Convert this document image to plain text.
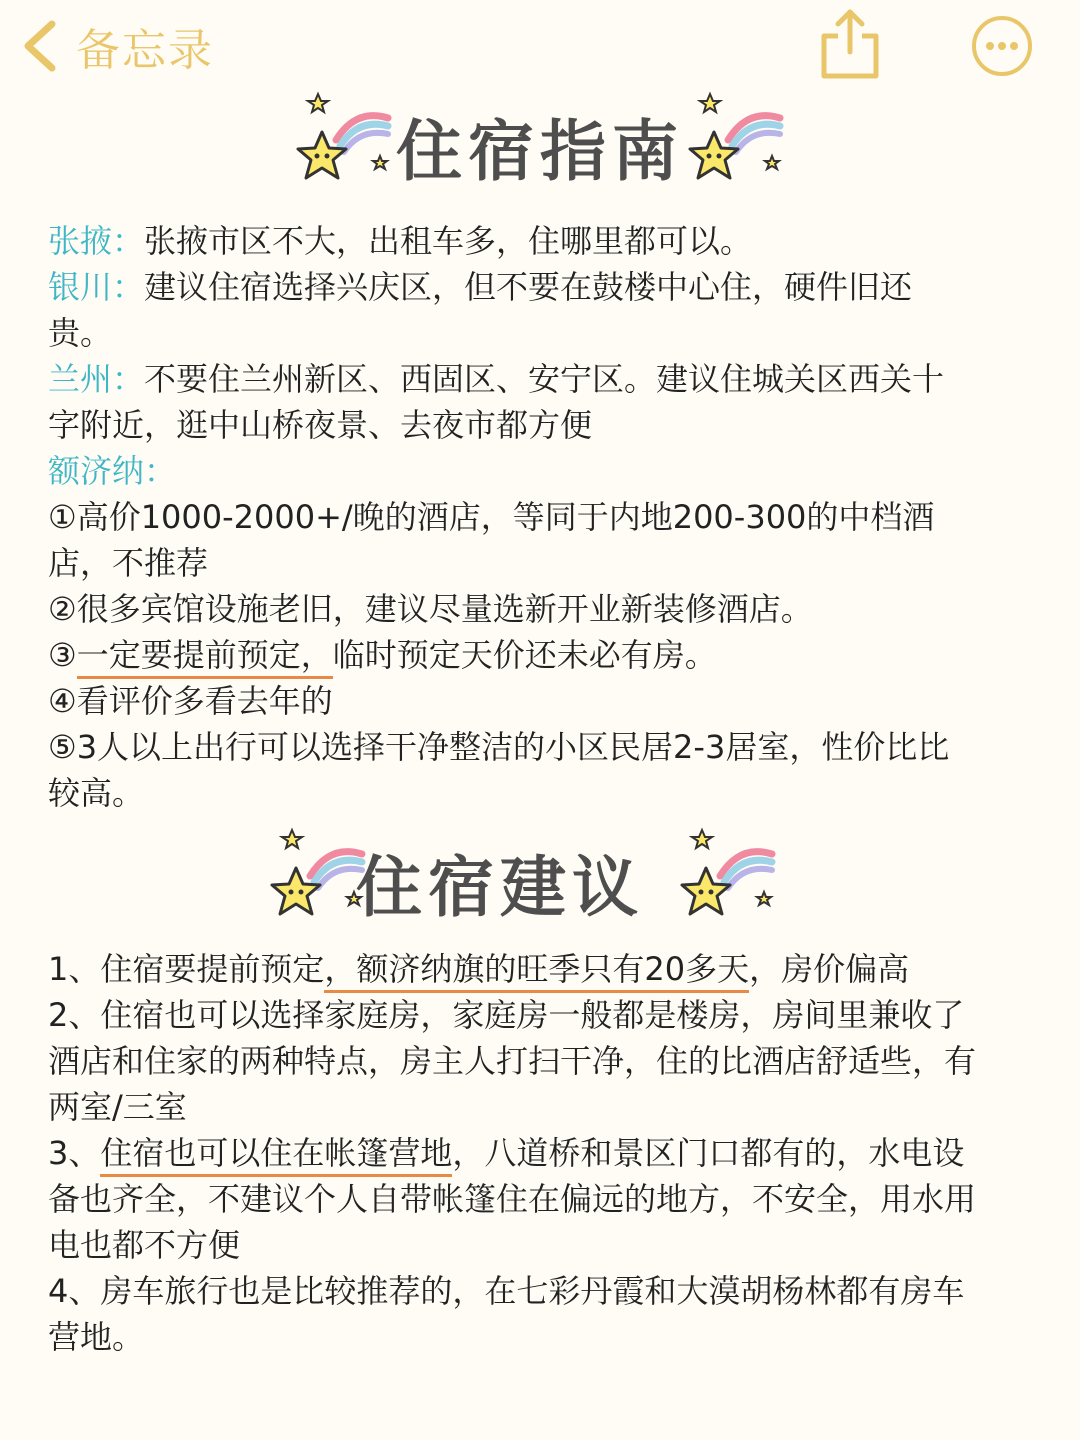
备忘录
住宿指南
张掖：张掖市区不大，出租车多，住哪里都可以。
银川：建议住宿选择兴庆区，但不要在鼓楼中心住，硬件旧还
贵。
兰州：不要住兰州新区、西固区、安宁区。建议住城关区西关十
字附近，逛中山桥夜景、去夜市都方便
额济纳：
①高价1000-2000+/晚的酒店，等同于内地200-300的中档酒
店，不推荐
②很多宾馆设施老旧，建议尽量选新开业新装修酒店。
③一定要提前预定，临时预定天价还未必有房。
④看评价多看去年的
⑤3人以上出行可以选择干净整洁的小区民居2-3居室，性价比比
较高。
住宿建议
1、住宿要提前预定，额济纳旗的旺季只有20多天，房价偏高
2、住宿也可以选择家庭房，家庭房一般都是楼房，房间里兼收了
酒店和住家的两种特点，房主人打扫干净，住的比酒店舒适些，有
两室/三室
3、住宿也可以住在帐篷营地，八道桥和景区门口都有的，水电设
备也齐全，不建议个人自带帐篷住在偏远的地方，不安全，用水用
电也都不方便
4、房车旅行也是比较推荐的，在七彩丹霞和大漠胡杨林都有房车
营地。
